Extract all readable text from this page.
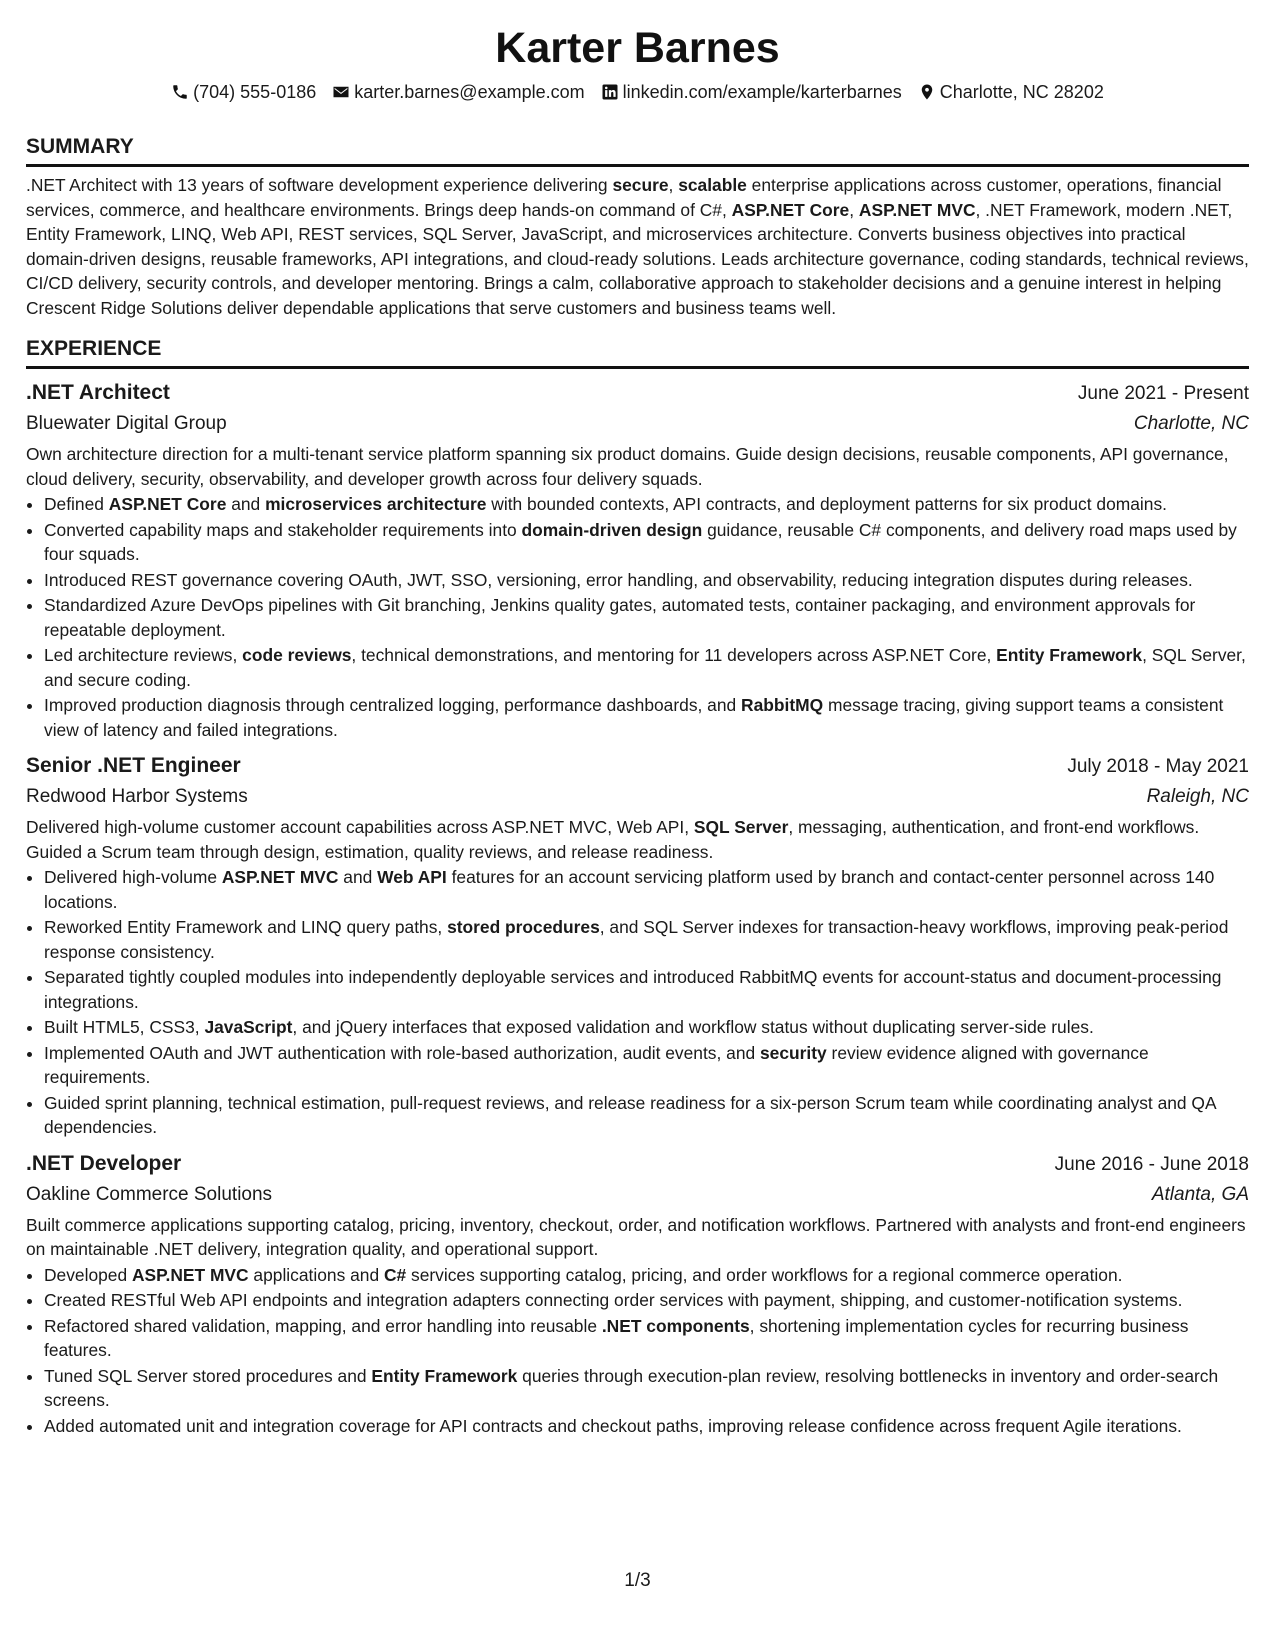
Karter Barnes
(704) 555-0186 karter.barnes@example.com linkedin.com/example/karterbarnes Charlotte, NC 28202
SUMMARY
.NET Architect with 13 years of software development experience delivering secure, scalable enterprise applications across customer, operations, financial services, commerce, and healthcare environments. Brings deep hands-on command of C#, ASP.NET Core, ASP.NET MVC, .NET Framework, modern .NET, Entity Framework, LINQ, Web API, REST services, SQL Server, JavaScript, and microservices architecture. Converts business objectives into practical domain-driven designs, reusable frameworks, API integrations, and cloud-ready solutions. Leads architecture governance, coding standards, technical reviews, CI/CD delivery, security controls, and developer mentoring. Brings a calm, collaborative approach to stakeholder decisions and a genuine interest in helping Crescent Ridge Solutions deliver dependable applications that serve customers and business teams well.
EXPERIENCE
.NET Architect	June 2021 - Present
Bluewater Digital Group	Charlotte, NC
Own architecture direction for a multi-tenant service platform spanning six product domains. Guide design decisions, reusable components, API governance, cloud delivery, security, observability, and developer growth across four delivery squads.
• Defined ASP.NET Core and microservices architecture with bounded contexts, API contracts, and deployment patterns for six product domains.
• Converted capability maps and stakeholder requirements into domain-driven design guidance, reusable C# components, and delivery road maps used by four squads.
• Introduced REST governance covering OAuth, JWT, SSO, versioning, error handling, and observability, reducing integration disputes during releases.
• Standardized Azure DevOps pipelines with Git branching, Jenkins quality gates, automated tests, container packaging, and environment approvals for repeatable deployment.
• Led architecture reviews, code reviews, technical demonstrations, and mentoring for 11 developers across ASP.NET Core, Entity Framework, SQL Server, and secure coding.
• Improved production diagnosis through centralized logging, performance dashboards, and RabbitMQ message tracing, giving support teams a consistent view of latency and failed integrations.
Senior .NET Engineer	July 2018 - May 2021
Redwood Harbor Systems	Raleigh, NC
Delivered high-volume customer account capabilities across ASP.NET MVC, Web API, SQL Server, messaging, authentication, and front-end workflows. Guided a Scrum team through design, estimation, quality reviews, and release readiness.
• Delivered high-volume ASP.NET MVC and Web API features for an account servicing platform used by branch and contact-center personnel across 140 locations.
• Reworked Entity Framework and LINQ query paths, stored procedures, and SQL Server indexes for transaction-heavy workflows, improving peak-period response consistency.
• Separated tightly coupled modules into independently deployable services and introduced RabbitMQ events for account-status and document-processing integrations.
• Built HTML5, CSS3, JavaScript, and jQuery interfaces that exposed validation and workflow status without duplicating server-side rules.
• Implemented OAuth and JWT authentication with role-based authorization, audit events, and security review evidence aligned with governance requirements.
• Guided sprint planning, technical estimation, pull-request reviews, and release readiness for a six-person Scrum team while coordinating analyst and QA dependencies.
.NET Developer	June 2016 - June 2018
Oakline Commerce Solutions	Atlanta, GA
Built commerce applications supporting catalog, pricing, inventory, checkout, order, and notification workflows. Partnered with analysts and front-end engineers on maintainable .NET delivery, integration quality, and operational support.
• Developed ASP.NET MVC applications and C# services supporting catalog, pricing, and order workflows for a regional commerce operation.
• Created RESTful Web API endpoints and integration adapters connecting order services with payment, shipping, and customer-notification systems.
• Refactored shared validation, mapping, and error handling into reusable .NET components, shortening implementation cycles for recurring business features.
• Tuned SQL Server stored procedures and Entity Framework queries through execution-plan review, resolving bottlenecks in inventory and order-search screens.
• Added automated unit and integration coverage for API contracts and checkout paths, improving release confidence across frequent Agile iterations.
1/3
